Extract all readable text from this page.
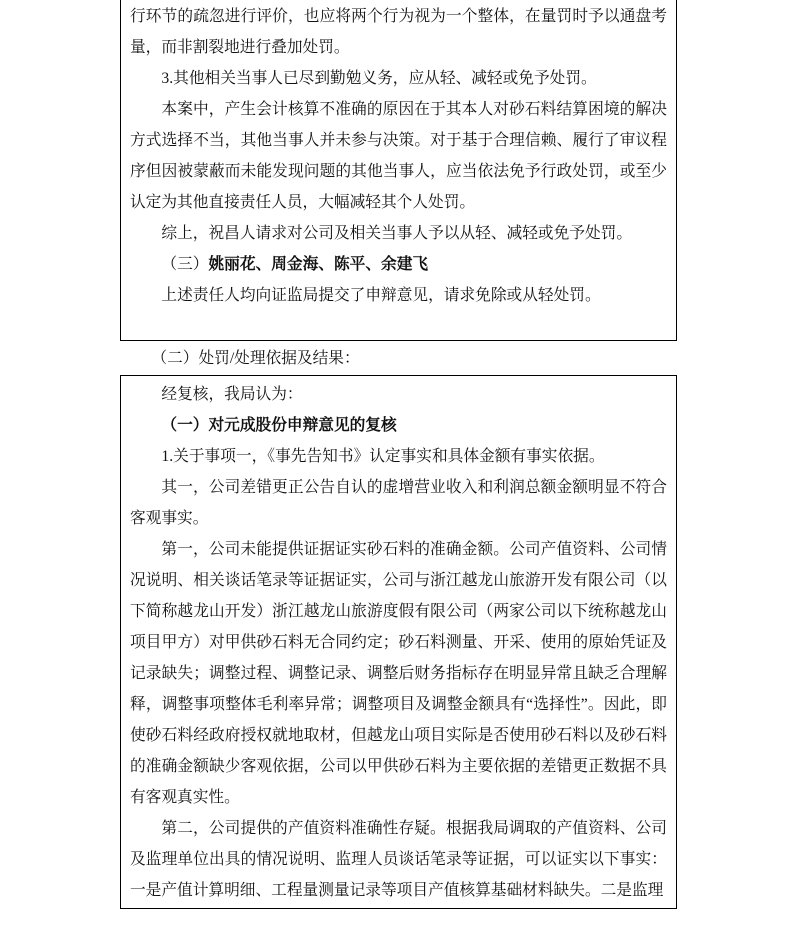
行环节的疏忽进行评价，也应将两个行为视为一个整体，在量罚时予以通盘考量，而非割裂地进行叠加处罚。

3.其他相关当事人已尽到勤勉义务，应从轻、减轻或免予处罚。

本案中，产生会计核算不准确的原因在于其本人对砂石料结算困境的解决方式选择不当，其他当事人并未参与决策。对于基于合理信赖、履行了审议程序但因被蒙蔽而未能发现问题的其他当事人，应当依法免予行政处罚，或至少认定为其他直接责任人员，大幅减轻其个人处罚。

综上，祝昌人请求对公司及相关当事人予以从轻、减轻或免予处罚。

（三）姚丽花、周金海、陈平、余建飞

上述责任人均向证监局提交了申辩意见，请求免除或从轻处罚。

（二）处罚/处理依据及结果：

经复核，我局认为：

（一）对元成股份申辩意见的复核

1.关于事项一，《事先告知书》认定事实和具体金额有事实依据。

其一，公司差错更正公告自认的虚增营业收入和利润总额金额明显不符合客观事实。

第一，公司未能提供证据证实砂石料的准确金额。公司产值资料、公司情况说明、相关谈话笔录等证据证实，公司与浙江越龙山旅游开发有限公司（以下简称越龙山开发）浙江越龙山旅游度假有限公司（两家公司以下统称越龙山项目甲方）对甲供砂石料无合同约定；砂石料测量、开采、使用的原始凭证及记录缺失；调整过程、调整记录、调整后财务指标存在明显异常且缺乏合理解释，调整事项整体毛利率异常；调整项目及调整金额具有“选择性”。因此，即使砂石料经政府授权就地取材，但越龙山项目实际是否使用砂石料以及砂石料的准确金额缺少客观依据，公司以甲供砂石料为主要依据的差错更正数据不具有客观真实性。

第二，公司提供的产值资料准确性存疑。根据我局调取的产值资料、公司及监理单位出具的情况说明、监理人员谈话笔录等证据，可以证实以下事实：一是产值计算明细、工程量测量记录等项目产值核算基础材料缺失。二是监理
